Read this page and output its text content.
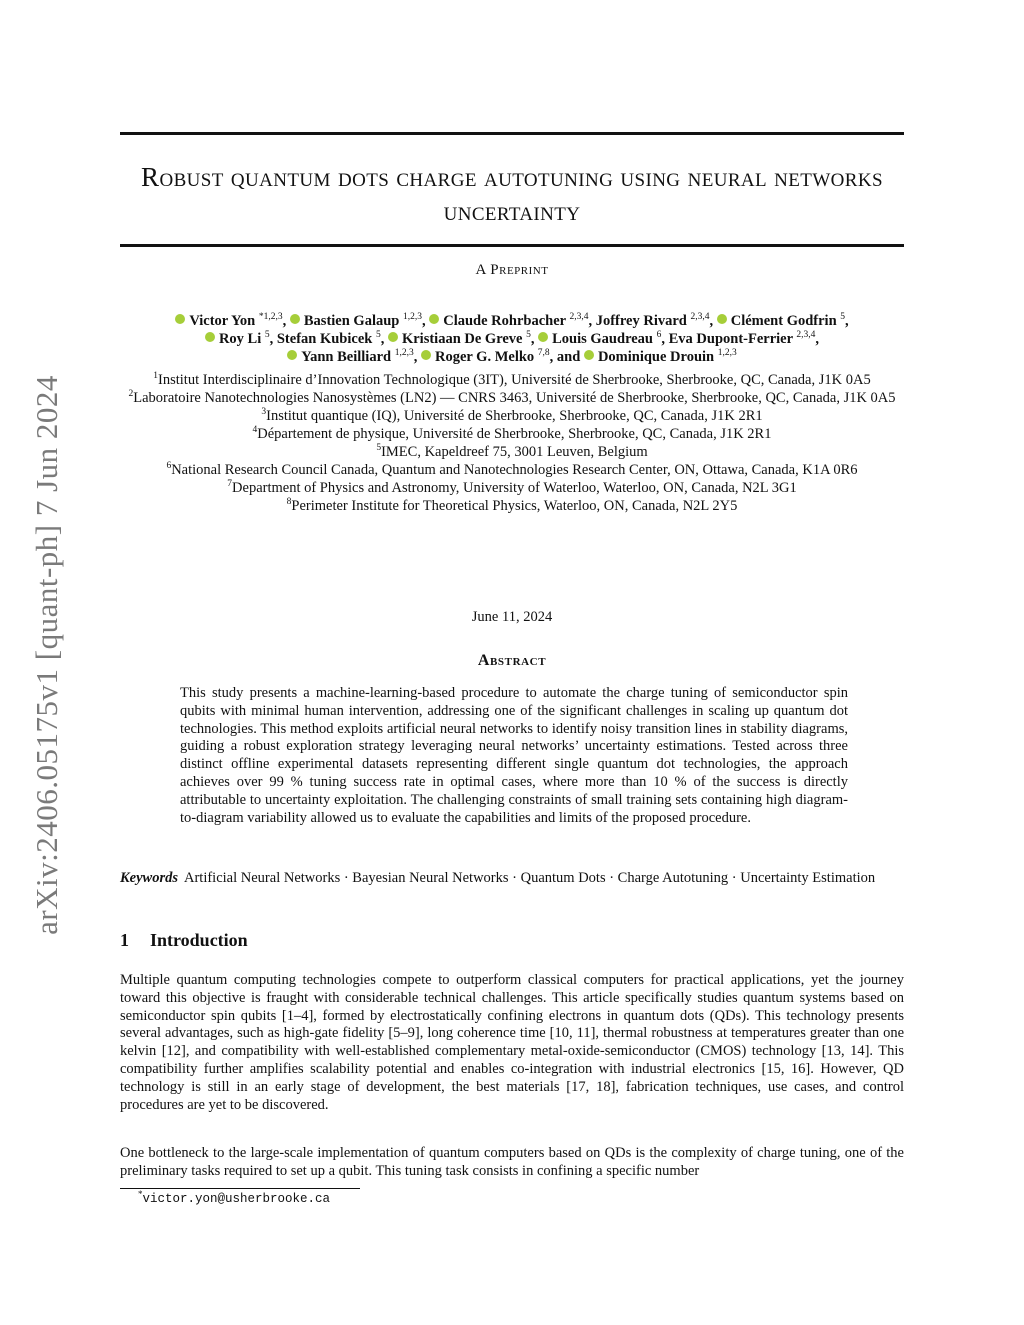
arXiv:2406.05175v1 [quant-ph] 7 Jun 2024
Robust quantum dots charge autotuning using neural networks uncertainty
A Preprint
Victor Yon $^{*1,2,3}$, Bastien Galaup $^{1,2,3}$, Claude Rohrbacher $^{2,3,4}$, Joffrey Rivard $^{2,3,4}$, Clément Godfrin $^5$,
Roy Li $^5$, Stefan Kubicek $^5$, Kristiaan De Greve $^5$, Louis Gaudreau $^6$, Eva Dupont-Ferrier $^{2,3,4}$,
Yann Beilliard $^{1,2,3}$, Roger G. Melko $^{7,8}$, and Dominique Drouin $^{1,2,3}$

$^1$Institut Interdisciplinaire d’Innovation Technologique (3IT), Université de Sherbrooke, Sherbrooke, QC, Canada, J1K 0A5

$^2$Laboratoire Nanotechnologies Nanosystèmes (LN2) — CNRS 3463, Université de Sherbrooke, Sherbrooke, QC, Canada, J1K 0A5

$^3$Institut quantique (IQ), Université de Sherbrooke, Sherbrooke, QC, Canada, J1K 2R1

$^4$Département de physique, Université de Sherbrooke, Sherbrooke, QC, Canada, J1K 2R1

$^5$IMEC, Kapeldreef 75, 3001 Leuven, Belgium

$^6$National Research Council Canada, Quantum and Nanotechnologies Research Center, ON, Ottawa, Canada, K1A 0R6

$^7$Department of Physics and Astronomy, University of Waterloo, Waterloo, ON, Canada, N2L 3G1

$^8$Perimeter Institute for Theoretical Physics, Waterloo, ON, Canada, N2L 2Y5

June 11, 2024
Abstract
This study presents a machine-learning-based procedure to automate the charge tuning of semiconductor spin qubits with minimal human intervention, addressing one of the significant challenges in scaling up quantum dot technologies. This method exploits artificial neural networks to identify noisy transition lines in stability diagrams, guiding a robust exploration strategy leveraging neural networks’ uncertainty estimations. Tested across three distinct offline experimental datasets representing different single quantum dot technologies, the approach achieves over 99 % tuning success rate in optimal cases, where more than 10 % of the success is directly attributable to uncertainty exploitation. The challenging constraints of small training sets containing high diagram-to-diagram variability allowed us to evaluate the capabilities and limits of the proposed procedure.
Keywords Artificial Neural Networks · Bayesian Neural Networks · Quantum Dots · Charge Autotuning · Uncertainty Estimation
1 Introduction

Multiple quantum computing technologies compete to outperform classical computers for practical applications, yet the journey toward this objective is fraught with considerable technical challenges. This article specifically studies quantum systems based on semiconductor spin qubits [1–4], formed by electrostatically confining electrons in quantum dots (QDs). This technology presents several advantages, such as high-gate fidelity [5–9], long coherence time [10, 11], thermal robustness at temperatures greater than one kelvin [12], and compatibility with well-established complementary metal-oxide-semiconductor (CMOS) technology [13, 14]. This compatibility further amplifies scalability potential and enables co-integration with industrial electronics [15, 16]. However, QD technology is still in an early stage of development, the best materials [17, 18], fabrication techniques, use cases, and control procedures are yet to be discovered.

One bottleneck to the large-scale implementation of quantum computers based on QDs is the complexity of charge tuning, one of the preliminary tasks required to set up a qubit. This tuning task consists in confining a specific number

*victor.yon@usherbrooke.ca
